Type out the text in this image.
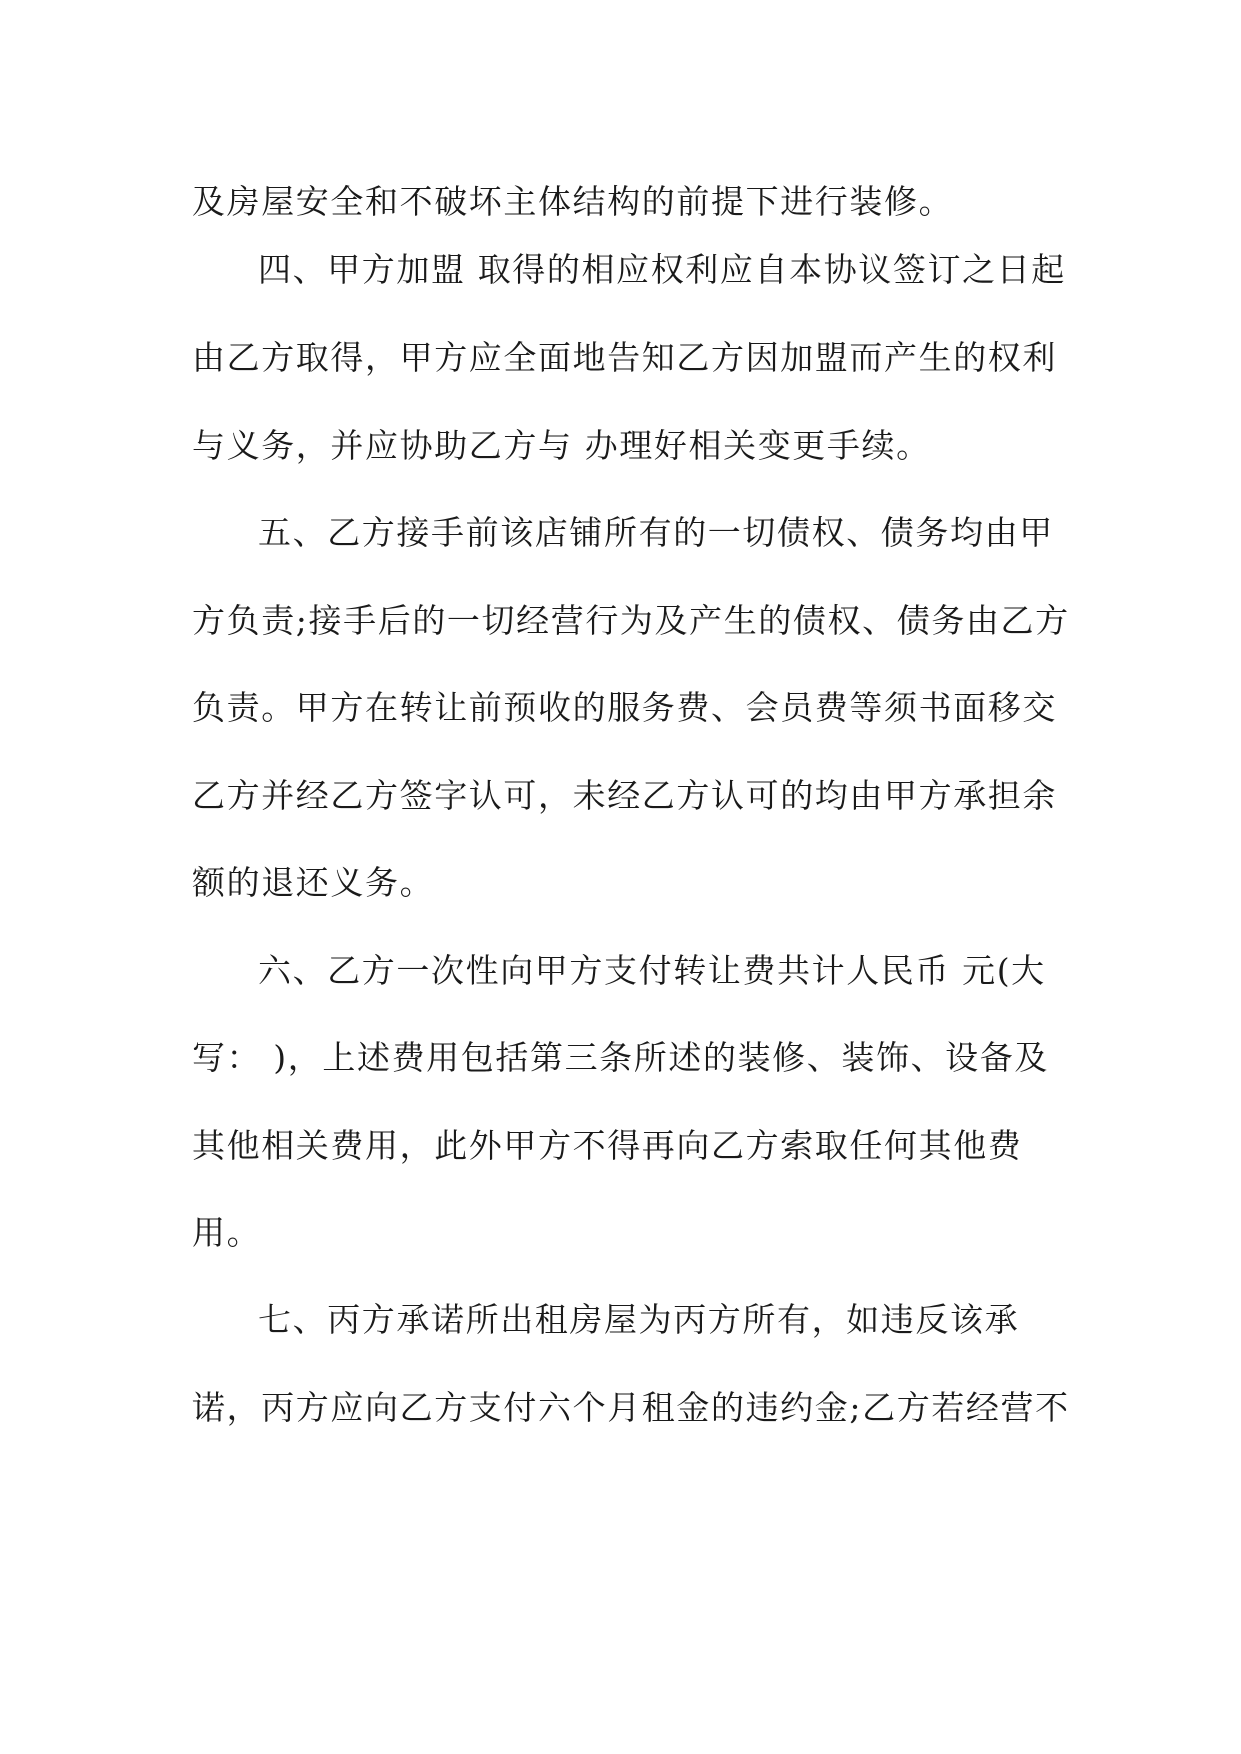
及房屋安全和不破坏主体结构的前提下进行装修。
四、甲方加盟 取得的相应权利应自本协议签订之日起
由乙方取得，甲方应全面地告知乙方因加盟而产生的权利
与义务，并应协助乙方与 办理好相关变更手续。
五、乙方接手前该店铺所有的一切债权、债务均由甲
方负责;接手后的一切经营行为及产生的债权、债务由乙方
负责。甲方在转让前预收的服务费、会员费等须书面移交
乙方并经乙方签字认可，未经乙方认可的均由甲方承担余
额的退还义务。
六、乙方一次性向甲方支付转让费共计人民币 元(大
写： )，上述费用包括第三条所述的装修、装饰、设备及
其他相关费用，此外甲方不得再向乙方索取任何其他费
用。
七、丙方承诺所出租房屋为丙方所有，如违反该承
诺，丙方应向乙方支付六个月租金的违约金;乙方若经营不
